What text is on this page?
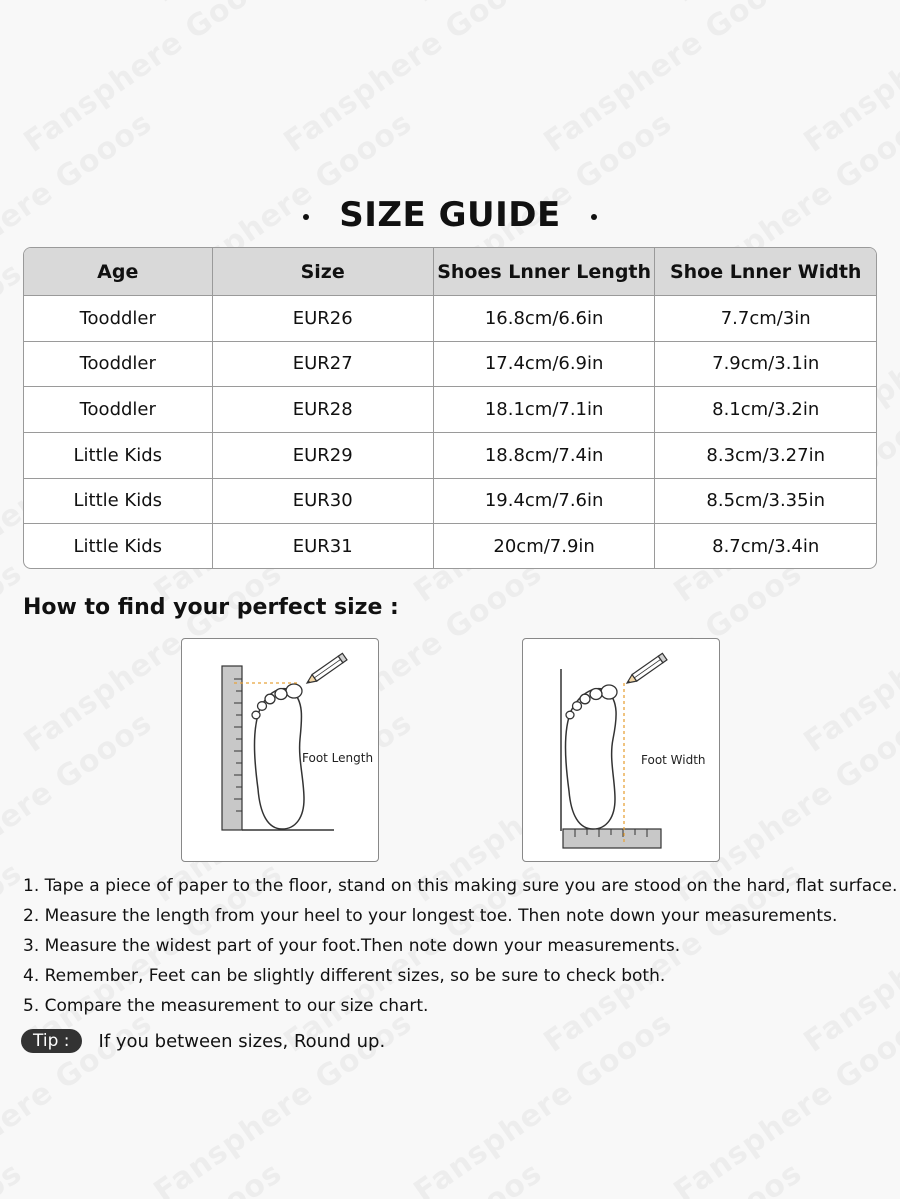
SIZE GUIDE
Age	Size	Shoes Lnner Length	Shoe Lnner Width
Tooddler	EUR26	16.8cm/6.6in	7.7cm/3in
Tooddler	EUR27	17.4cm/6.9in	7.9cm/3.1in
Tooddler	EUR28	18.1cm/7.1in	8.1cm/3.2in
Little Kids	EUR29	18.8cm/7.4in	8.3cm/3.27in
Little Kids	EUR30	19.4cm/7.6in	8.5cm/3.35in
Little Kids	EUR31	20cm/7.9in	8.7cm/3.4in
How to find your perfect size :
Foot Length	Foot Width
1. Tape a piece of paper to the floor, stand on this making sure you are stood on the hard, flat surface.
2. Measure the length from your heel to your longest toe. Then note down your measurements.
3. Measure the widest part of your foot.Then note down your measurements.
4. Remember, Feet can be slightly different sizes, so be sure to check both.
5. Compare the measurement to our size chart.
Tip :	If you between sizes, Round up.
